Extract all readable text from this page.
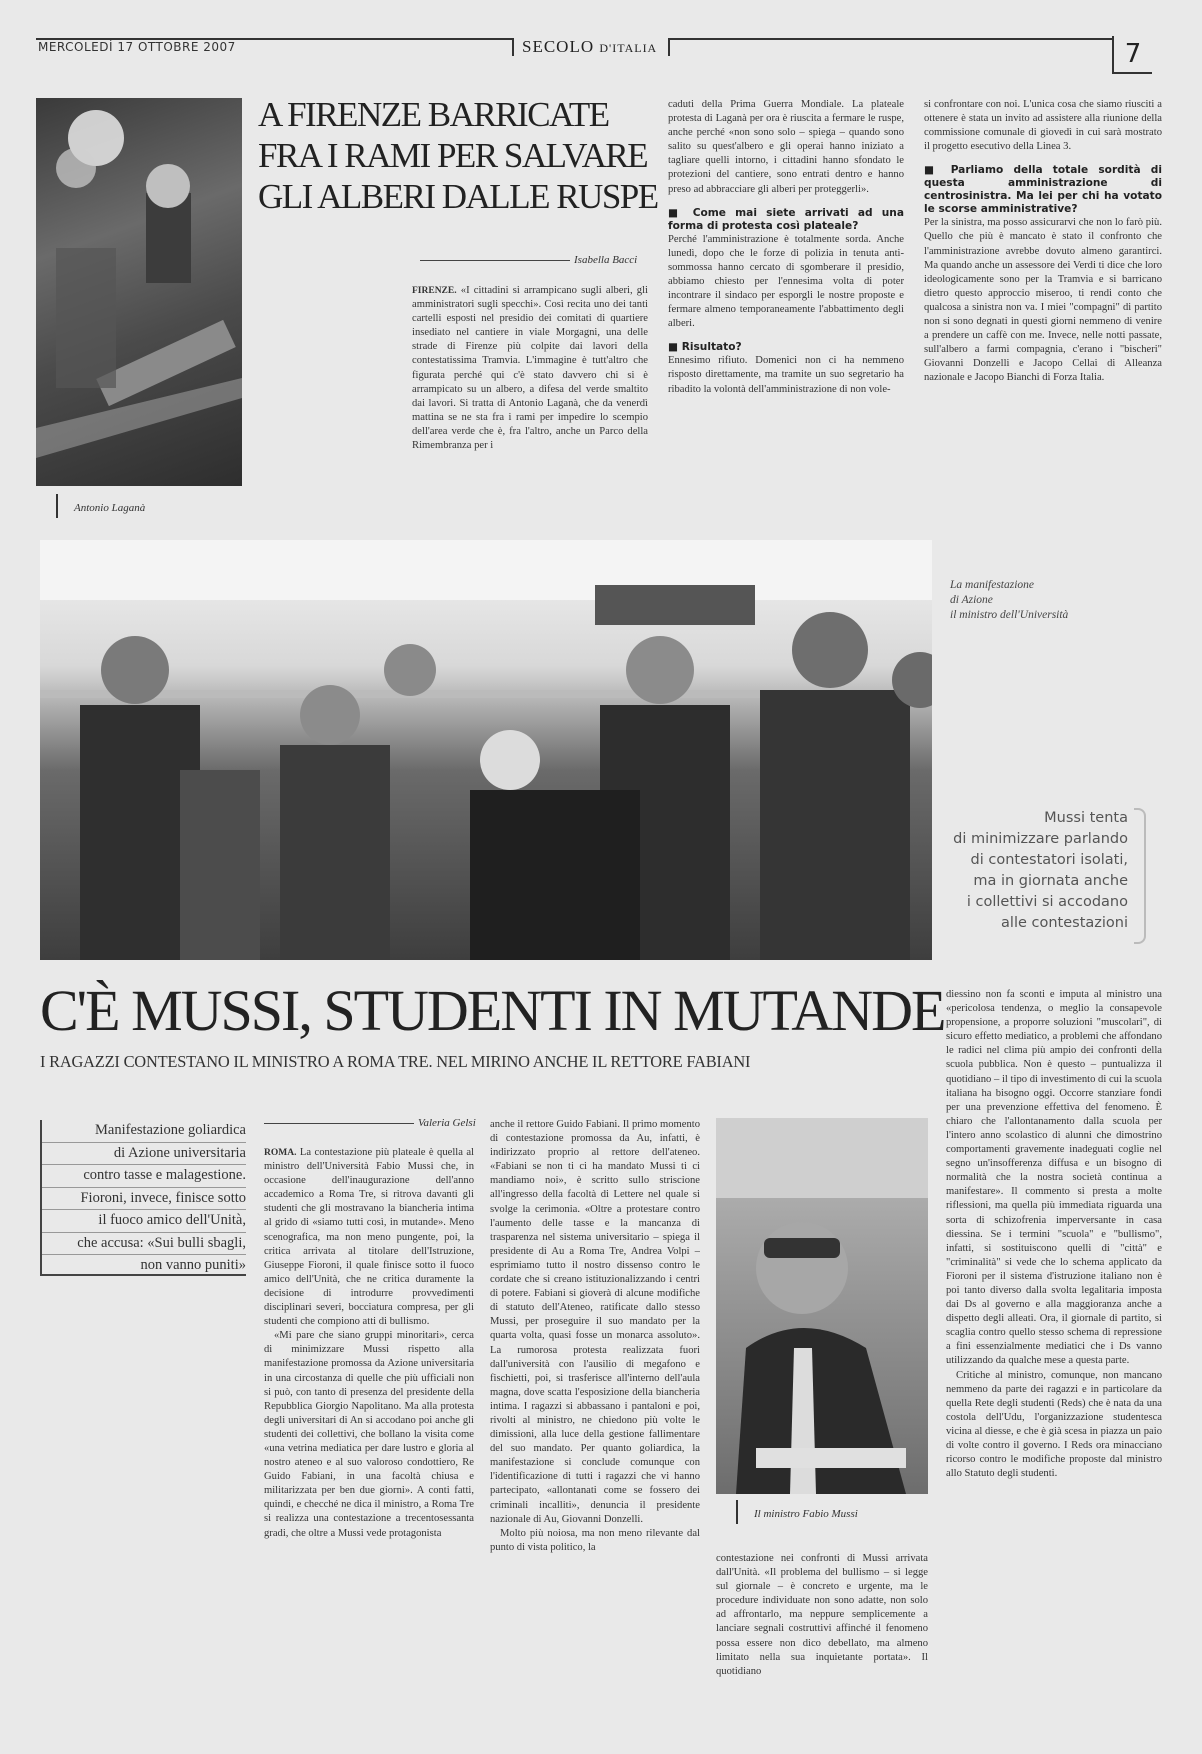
MERCOLEDÌ 17 OTTOBRE 2007	SECOLO D'ITALIA	7
Antonio Laganà
A FIRENZE BARRICATE
FRA I RAMI PER SALVARE
GLI ALBERI DALLE RUSPE
Isabella Bacci

FIRENZE. «I cittadini si arrampicano sugli alberi, gli amministratori sugli specchi». Così recita uno dei tanti cartelli esposti nel presidio dei comitati di quartiere insediato nel cantiere in viale Morgagni, una delle strade di Firenze più colpite dai lavori della contestatissima Tramvia. L'immagine è tutt'altro che figurata perché qui c'è stato davvero chi si è arrampicato su un albero, a difesa del verde smaltito dai lavori. Si tratta di Antonio Laganà, che da venerdì mattina se ne sta fra i rami per impedire lo scempio dell'area verde che è, fra l'altro, anche un Parco della Rimembranza per i

caduti della Prima Guerra Mondiale. La plateale protesta di Laganà per ora è riuscita a fermare le ruspe, anche perché «non sono solo – spiega – quando sono salito su quest'albero e gli operai hanno iniziato a tagliare quelli intorno, i cittadini hanno sfondato le protezioni del cantiere, sono entrati dentro e hanno preso ad abbracciare gli alberi per proteggerli».

■ Come mai siete arrivati ad una forma di protesta così plateale?

Perché l'amministrazione è totalmente sorda. Anche lunedì, dopo che le forze di polizia in tenuta anti-sommossa hanno cercato di sgomberare il presidio, abbiamo chiesto per l'ennesima volta di poter incontrare il sindaco per esporgli le nostre proposte e fermare almeno temporaneamente l'abbattimento degli alberi.

■ Risultato?

Ennesimo rifiuto. Domenici non ci ha nemmeno risposto direttamente, ma tramite un suo segretario ha ribadito la volontà dell'amministrazione di non vole-

si confrontare con noi. L'unica cosa che siamo riusciti a ottenere è stata un invito ad assistere alla riunione della commissione comunale di giovedì in cui sarà mostrato il progetto esecutivo della Linea 3.

■ Parliamo della totale sordità di questa amministrazione di centrosinistra. Ma lei per chi ha votato le scorse amministrative?

Per la sinistra, ma posso assicurarvi che non lo farò più. Quello che più è mancato è stato il confronto che l'amministrazione avrebbe dovuto almeno garantirci. Ma quando anche un assessore dei Verdi ti dice che loro ideologicamente sono per la Tramvia e si barricano dietro questo approccio miseroo, ti rendi conto che qualcosa a sinistra non va. I miei "compagni" di partito non si sono degnati in questi giorni nemmeno di venire a prendere un caffè con me. Invece, nelle notti passate, sull'albero a farmi compagnia, c'erano i "bischeri" Giovanni Donzelli e Jacopo Cellai di Alleanza nazionale e Jacopo Bianchi di Forza Italia.

La manifestazione
di Azione
il ministro dell'Università
Mussi tenta
di minimizzare parlando
di contestatori isolati,
ma in giornata anche
i collettivi si accodano
alle contestazioni
C'È MUSSI, STUDENTI IN MUTANDE
I RAGAZZI CONTESTANO IL MINISTRO A ROMA TRE. NEL MIRINO ANCHE IL RETTORE FABIANI
Manifestazione goliardica
di Azione universitaria
contro tasse e malagestione.
Fioroni, invece, finisce sotto
il fuoco amico dell'Unità,
che accusa: «Sui bulli sbagli,
non vanno puniti»
Valeria Gelsi

ROMA. La contestazione più plateale è quella al ministro dell'Università Fabio Mussi che, in occasione dell'inaugurazione dell'anno accademico a Roma Tre, si ritrova davanti gli studenti che gli mostravano la biancheria intima al grido di «siamo tutti così, in mutande». Meno scenografica, ma non meno pungente, poi, la critica arrivata al titolare dell'Istruzione, Giuseppe Fioroni, il quale finisce sotto il fuoco amico dell'Unità, che ne critica duramente la decisione di introdurre provvedimenti disciplinari severi, bocciatura compresa, per gli studenti che compiono atti di bullismo.

«Mi pare che siano gruppi minoritari», cerca di minimizzare Mussi rispetto alla manifestazione promossa da Azione universitaria in una circostanza di quelle che più ufficiali non si può, con tanto di presenza del presidente della Repubblica Giorgio Napolitano. Ma alla protesta degli universitari di An si accodano poi anche gli studenti dei collettivi, che bollano la visita come «una vetrina mediatica per dare lustro e gloria al nostro ateneo e al suo valoroso condottiero, Re Guido Fabiani, in una facoltà chiusa e militarizzata per ben due giorni». A conti fatti, quindi, e checché ne dica il ministro, a Roma Tre si realizza una contestazione a trecentosessanta gradi, che oltre a Mussi vede protagonista

anche il rettore Guido Fabiani. Il primo momento di contestazione promossa da Au, infatti, è indirizzato proprio al rettore dell'ateneo. «Fabiani se non ti ci ha mandato Mussi ti ci mandiamo noi», è scritto sullo striscione all'ingresso della facoltà di Lettere nel quale si svolge la cerimonia. «Oltre a protestare contro l'aumento delle tasse e la mancanza di trasparenza nel sistema universitario – spiega il presidente di Au a Roma Tre, Andrea Volpi – esprimiamo tutto il nostro dissenso contro le cordate che si creano istituzionalizzando i centri di potere. Fabiani si gioverà di alcune modifiche di statuto dell'Ateneo, ratificate dallo stesso Mussi, per proseguire il suo mandato per la quarta volta, quasi fosse un monarca assoluto». La rumorosa protesta realizzata fuori dall'università con l'ausilio di megafono e fischietti, poi, si trasferisce all'interno dell'aula magna, dove scatta l'esposizione della biancheria intima. I ragazzi si abbassano i pantaloni e poi, rivolti al ministro, ne chiedono più volte le dimissioni, alla luce della gestione fallimentare del suo mandato. Per quanto goliardica, la manifestazione si conclude comunque con l'identificazione di tutti i ragazzi che vi hanno partecipato, «allontanati come se fossero dei criminali incalliti», denuncia il presidente nazionale di Au, Giovanni Donzelli.

Molto più noiosa, ma non meno rilevante dal punto di vista politico, la

Il ministro Fabio Mussi

contestazione nei confronti di Mussi arrivata dall'Unità. «Il problema del bullismo – si legge sul giornale – è concreto e urgente, ma le procedure individuate non sono adatte, non solo ad affrontarlo, ma neppure semplicemente a lanciare segnali costruttivi affinché il fenomeno possa essere non dico debellato, ma almeno limitato nella sua inquietante portata». Il quotidiano

diessino non fa sconti e imputa al ministro una «pericolosa tendenza, o meglio la consapevole propensione, a proporre soluzioni "muscolari", di sicuro effetto mediatico, a problemi che affondano le radici nel clima più ampio dei confronti della scuola pubblica. Non è questo – puntualizza il quotidiano – il tipo di investimento di cui la scuola italiana ha bisogno oggi. Occorre stanziare fondi per una prevenzione effettiva del fenomeno. È chiaro che l'allontanamento dalla scuola per l'intero anno scolastico di alunni che dimostrino comportamenti gravemente inadeguati coglie nel segno un'insofferenza diffusa e un bisogno di normalità che la nostra società continua a manifestare». Il commento si presta a molte riflessioni, ma quella più immediata riguarda una sorta di schizofrenia imperversante in casa diessina. Se i termini "scuola" e "bullismo", infatti, si sostituiscono quelli di "città" e "criminalità" si vede che lo schema applicato da Fioroni per il sistema d'istruzione italiano non è poi tanto diverso dalla svolta legalitaria imposta dai Ds al governo e alla maggioranza anche a dispetto degli alleati. Ora, il giornale di partito, si scaglia contro quello stesso schema di repressione a fini essenzialmente mediatici che i Ds vanno utilizzando da qualche mese a questa parte.

Critiche al ministro, comunque, non mancano nemmeno da parte dei ragazzi e in particolare da quella Rete degli studenti (Reds) che è nata da una costola dell'Udu, l'organizzazione studentesca vicina al diesse, e che è già scesa in piazza un paio di volte contro il governo. I Reds ora minacciano ricorso contro le modifiche proposte dal ministro allo Statuto degli studenti.
